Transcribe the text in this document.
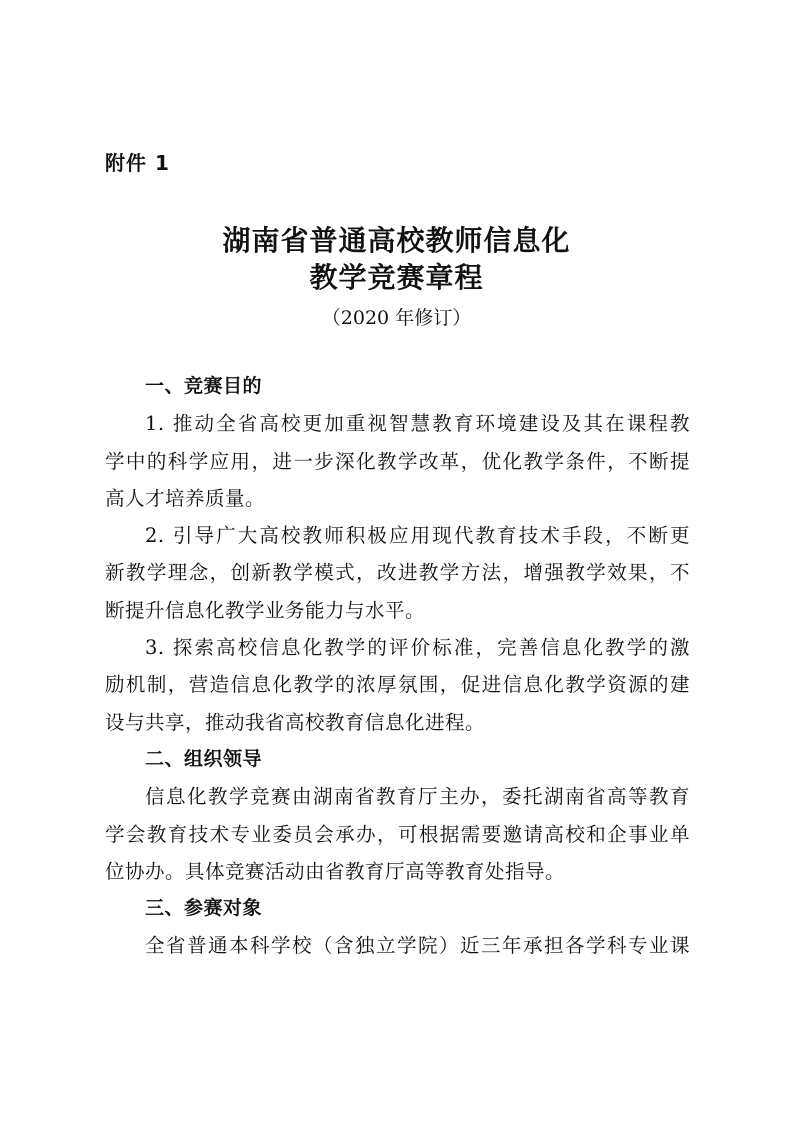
附件 1
湖南省普通高校教师信息化
教学竞赛章程
（2020 年修订）
一、竞赛目的
1. 推动全省高校更加重视智慧教育环境建设及其在课程教
学中的科学应用，进一步深化教学改革，优化教学条件，不断提
高人才培养质量。
2. 引导广大高校教师积极应用现代教育技术手段，不断更
新教学理念，创新教学模式，改进教学方法，增强教学效果，不
断提升信息化教学业务能力与水平。
3. 探索高校信息化教学的评价标准，完善信息化教学的激
励机制，营造信息化教学的浓厚氛围，促进信息化教学资源的建
设与共享，推动我省高校教育信息化进程。
二、组织领导
信息化教学竞赛由湖南省教育厅主办，委托湖南省高等教育
学会教育技术专业委员会承办，可根据需要邀请高校和企事业单
位协办。具体竞赛活动由省教育厅高等教育处指导。
三、参赛对象
全省普通本科学校（含独立学院）近三年承担各学科专业课
